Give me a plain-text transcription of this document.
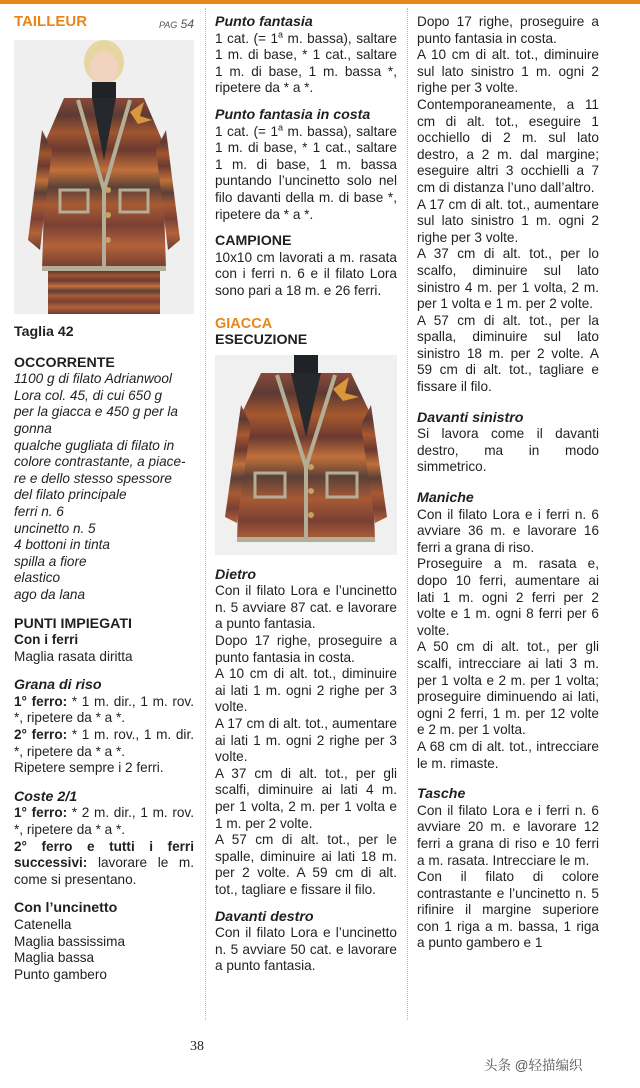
TAILLEUR	PAG 54
Taglia 42
OCCORRENTE
1100 g di filato Adrianwool
Lora col. 45, di cui 650 g
per la giacca e 450 g per la
gonna
qualche gugliata di filato in
colore contrastante, a piace-
re e dello stesso spessore
del filato principale
ferri n. 6
uncinetto n. 5
4 bottoni in tinta
spilla a fiore
elastico
ago da lana
PUNTI IMPIEGATI
Con i ferri
Maglia rasata diritta
Grana di riso
1° ferro: * 1 m. dir., 1 m. rov. *, ripetere da * a *.
2° ferro: * 1 m. rov., 1 m. dir. *, ripetere da * a *.
Ripetere sempre i 2 ferri.
Coste 2/1
1° ferro: * 2 m. dir., 1 m. rov. *, ripetere da * a *.
2° ferro e tutti i ferri successivi: lavorare le m. come si presentano.
Con l’uncinetto
Catenella
Maglia bassissima
Maglia bassa
Punto gambero
Punto fantasia
1 cat. (= $1^a$ m. bassa), saltare 1 m. di base, * 1 cat., saltare 1 m. di base, 1 m. bassa *, ripetere da * a *.
Punto fantasia in costa
1 cat. (= $1^a$ m. bassa), saltare 1 m. di base, * 1 cat., saltare 1 m. di base, 1 m. bassa puntando l’uncinetto solo nel filo davanti della m. di base *, ripetere da * a *.
CAMPIONE
10x10 cm lavorati a m. rasata con i ferri n. 6 e il filato Lora sono pari a 18 m. e 26 ferri.
GIACCA
ESECUZIONE
Dietro
Con il filato Lora e l’uncinetto n. 5 avviare 87 cat. e lavorare a punto fantasia.
Dopo 17 righe, proseguire a punto fantasia in costa.
A 10 cm di alt. tot., diminuire ai lati 1 m. ogni 2 righe per 3 volte.
A 17 cm di alt. tot., aumentare ai lati 1 m. ogni 2 righe per 3 volte.
A 37 cm di alt. tot., per gli scalfi, diminuire ai lati 4 m. per 1 volta, 2 m. per 1 volta e 1 m. per 2 volte.
A 57 cm di alt. tot., per le spalle, diminuire ai lati 18 m. per 2 volte. A 59 cm di alt. tot., tagliare e fissare il filo.
Davanti destro
Con il filato Lora e l’uncinetto n. 5 avviare 50 cat. e lavorare a punto fantasia.
Dopo 17 righe, proseguire a punto fantasia in costa.
A 10 cm di alt. tot., diminuire sul lato sinistro 1 m. ogni 2 righe per 3 volte.
Contemporaneamente, a 11 cm di alt. tot., eseguire 1 occhiello di 2 m. sul lato destro, a 2 m. dal margine; eseguire altri 3 occhielli a 7 cm di distanza l’uno dall’altro.
A 17 cm di alt. tot., aumentare sul lato sinistro 1 m. ogni 2 righe per 3 volte.
A 37 cm di alt. tot., per lo scalfo, diminuire sul lato sinistro 4 m. per 1 volta, 2 m. per 1 volta e 1 m. per 2 volte.
A 57 cm di alt. tot., per la spalla, diminuire sul lato sinistro 18 m. per 2 volte. A 59 cm di alt. tot., tagliare e fissare il filo.
Davanti sinistro
Si lavora come il davanti destro, ma in modo simmetrico.
Maniche
Con il filato Lora e i ferri n. 6 avviare 36 m. e lavorare 16 ferri a grana di riso.
Proseguire a m. rasata e, dopo 10 ferri, aumentare ai lati 1 m. ogni 2 ferri per 2 volte e 1 m. ogni 8 ferri per 6 volte.
A 50 cm di alt. tot., per gli scalfi, intrecciare ai lati 3 m. per 1 volta e 2 m. per 1 volta; proseguire diminuendo ai lati, ogni 2 ferri, 1 m. per 12 volte e 2 m. per 1 volta.
A 68 cm di alt. tot., intrecciare le m. rimaste.
Tasche
Con il filato Lora e i ferri n. 6 avviare 20 m. e lavorare 12 ferri a grana di riso e 10 ferri a m. rasata. Intrecciare le m.
Con il filato di colore contrastante e l’uncinetto n. 5 rifinire il margine superiore con 1 riga a m. bassa, 1 riga a punto gambero e 1
38
头条 @轻描编织
